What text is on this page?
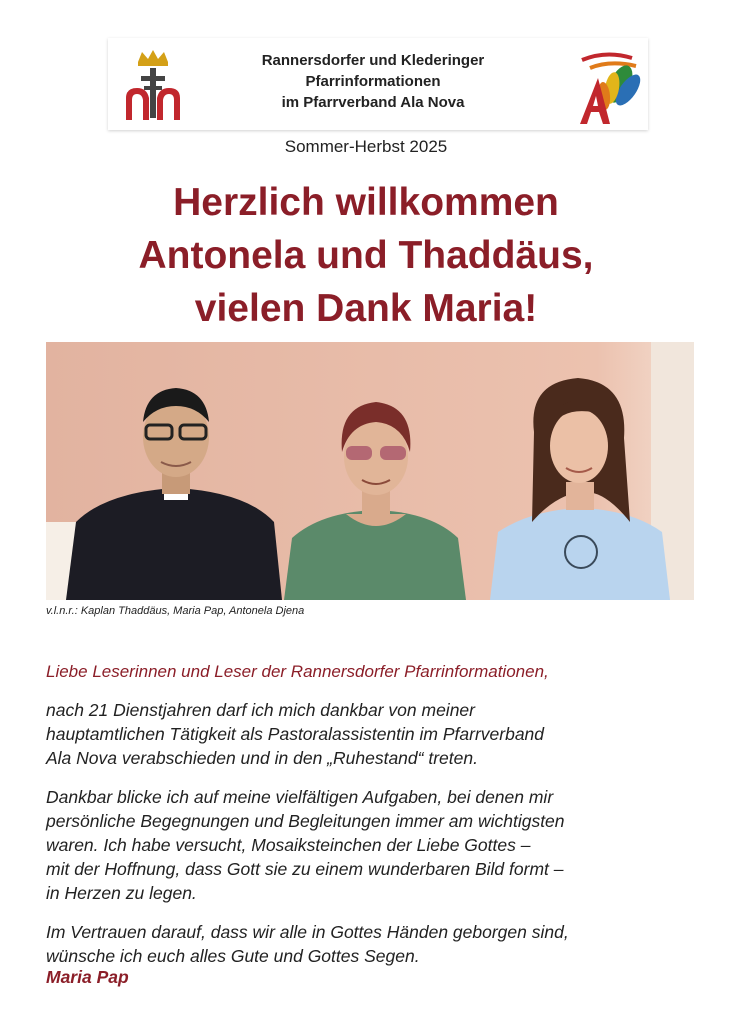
Rannersdorfer und Klederinger
Pfarrinformationen
im Pfarrverband Ala Nova
Sommer-Herbst 2025
Herzlich willkommen
Antonela und Thaddäus,
vielen Dank Maria!
v.l.n.r.: Kaplan Thaddäus, Maria Pap, Antonela Djena
Liebe Leserinnen und Leser der Rannersdorfer Pfarrinformationen,
nach 21 Dienstjahren darf ich mich dankbar von meiner
hauptamtlichen Tätigkeit als Pastoralassistentin im Pfarrverband
Ala Nova verabschieden und in den „Ruhestand“ treten.
Dankbar blicke ich auf meine vielfältigen Aufgaben, bei denen mir
persönliche Begegnungen und Begleitungen immer am wichtigsten
waren. Ich habe versucht, Mosaiksteinchen der Liebe Gottes –
mit der Hoffnung, dass Gott sie zu einem wunderbaren Bild formt –
in Herzen zu legen.
Im Vertrauen darauf, dass wir alle in Gottes Händen geborgen sind,
wünsche ich euch alles Gute und Gottes Segen.
Maria Pap
